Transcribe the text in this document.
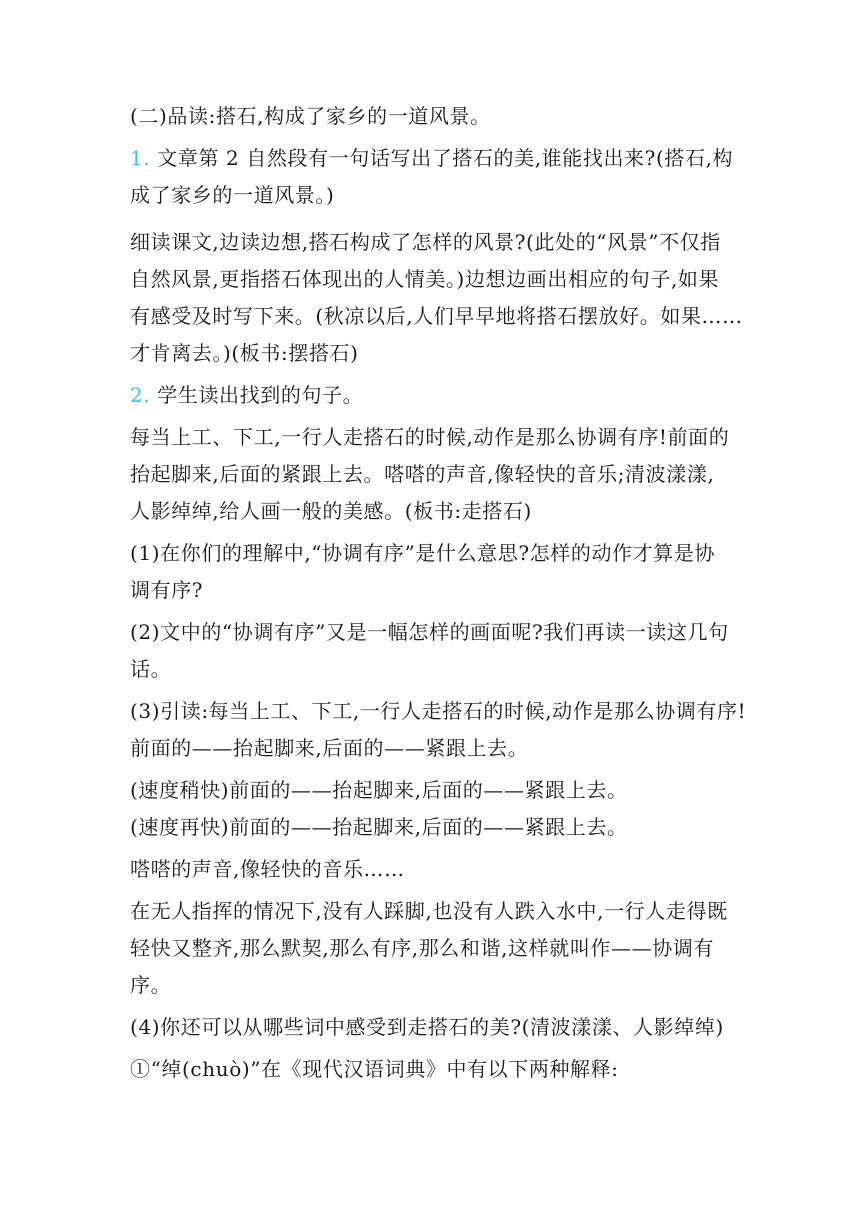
(二)品读:搭石,构成了家乡的一道风景。
1. 文章第 2 自然段有一句话写出了搭石的美,谁能找出来?(搭石,构
成了家乡的一道风景。)
细读课文,边读边想,搭石构成了怎样的风景?(此处的“风景”不仅指
自然风景,更指搭石体现出的人情美。)边想边画出相应的句子,如果
有感受及时写下来。(秋凉以后,人们早早地将搭石摆放好。如果……
才肯离去。)(板书:摆搭石)
2. 学生读出找到的句子。
每当上工、下工,一行人走搭石的时候,动作是那么协调有序!前面的
抬起脚来,后面的紧跟上去。嗒嗒的声音,像轻快的音乐;清波漾漾,
人影绰绰,给人画一般的美感。(板书:走搭石)
(1)在你们的理解中,“协调有序”是什么意思?怎样的动作才算是协
调有序?
(2)文中的“协调有序”又是一幅怎样的画面呢?我们再读一读这几句
话。
(3)引读:每当上工、下工,一行人走搭石的时候,动作是那么协调有序!
前面的——抬起脚来,后面的——紧跟上去。
(速度稍快)前面的——抬起脚来,后面的——紧跟上去。
(速度再快)前面的——抬起脚来,后面的——紧跟上去。
嗒嗒的声音,像轻快的音乐……
在无人指挥的情况下,没有人踩脚,也没有人跌入水中,一行人走得既
轻快又整齐,那么默契,那么有序,那么和谐,这样就叫作——协调有
序。
(4)你还可以从哪些词中感受到走搭石的美?(清波漾漾、人影绰绰)
①“绰(chuò)”在《现代汉语词典》中有以下两种解释:
